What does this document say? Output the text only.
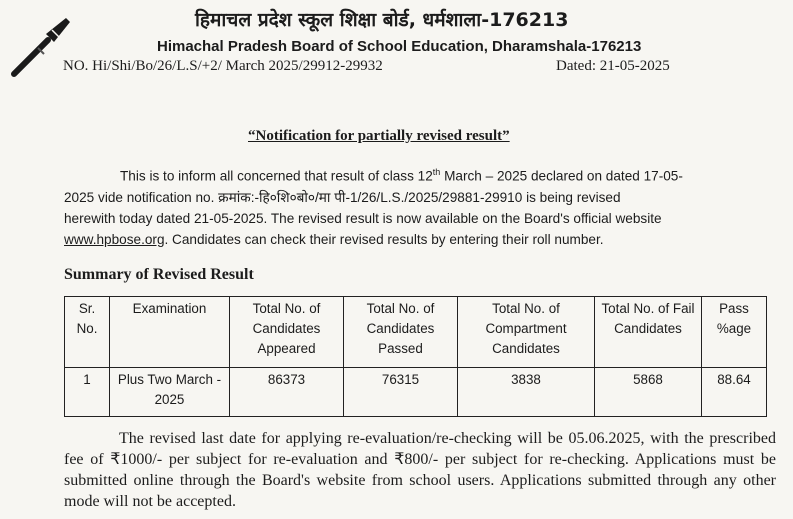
हिमाचल प्रदेश स्कूल शिक्षा बोर्ड, धर्मशाला-176213
Himachal Pradesh Board of School Education, Dharamshala-176213
NO. Hi/Shi/Bo/26/L.S/+2/ March 2025/29912-29932	Dated: 21-05-2025
“Notification for partially revised result”

This is to inform all concerned that result of class 12th March – 2025 declared on dated 17-05-

2025 vide notification no. क्रमांक:-हि०शि०बो०/मा पी-1/26/L.S./2025/29881-29910 is being revised

herewith today dated 21-05-2025. The revised result is now available on the Board's official website

www.hpbose.org. Candidates can check their revised results by entering their roll number.

Summary of Revised Result
Sr. No.	Examination	Total No. of Candidates Appeared	Total No. of Candidates Passed	Total No. of Compartment Candidates	Total No. of Fail Candidates	Pass %age
1	Plus Two March - 2025	86373	76315	3838	5868	88.64

The revised last date for applying re-evaluation/re-checking will be 05.06.2025, with the prescribed fee of ₹1000/- per subject for re-evaluation and ₹800/- per subject for re-checking. Applications must be submitted online through the Board's website from school users. Applications submitted through any other mode will not be accepted.
